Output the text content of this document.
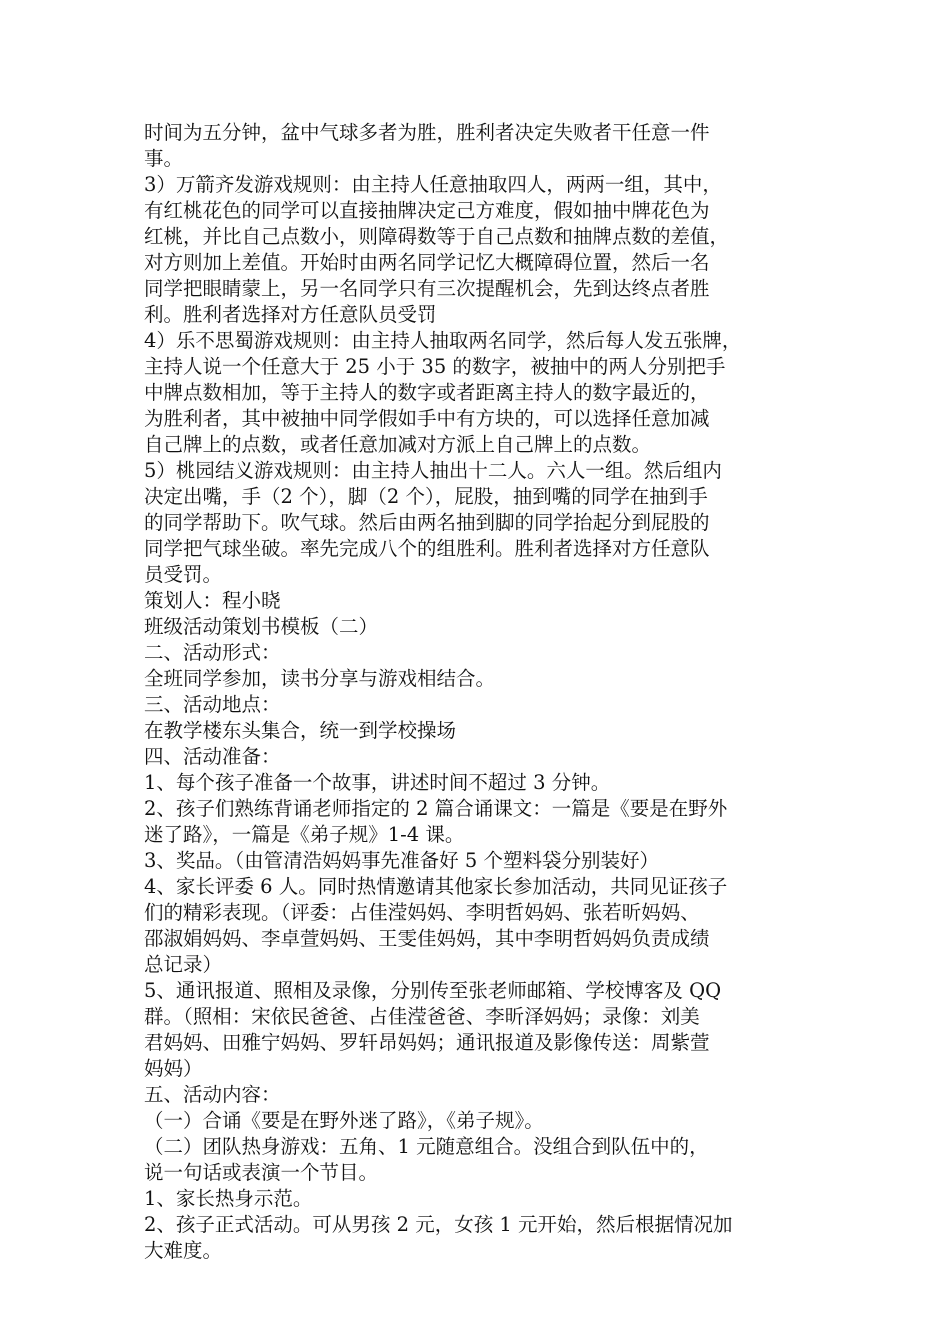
时间为五分钟，盆中气球多者为胜，胜利者决定失败者干任意一件
事。
3）万箭齐发游戏规则：由主持人任意抽取四人，两两一组，其中，
有红桃花色的同学可以直接抽牌决定己方难度，假如抽中牌花色为
红桃，并比自己点数小，则障碍数等于自己点数和抽牌点数的差值，
对方则加上差值。开始时由两名同学记忆大概障碍位置，然后一名
同学把眼睛蒙上，另一名同学只有三次提醒机会，先到达终点者胜
利。胜利者选择对方任意队员受罚
4）乐不思蜀游戏规则：由主持人抽取两名同学，然后每人发五张牌，
主持人说一个任意大于 25 小于 35 的数字，被抽中的两人分别把手
中牌点数相加，等于主持人的数字或者距离主持人的数字最近的，
为胜利者，其中被抽中同学假如手中有方块的，可以选择任意加减
自己牌上的点数，或者任意加减对方派上自己牌上的点数。
5）桃园结义游戏规则：由主持人抽出十二人。六人一组。然后组内
决定出嘴，手（2 个），脚（2 个），屁股，抽到嘴的同学在抽到手
的同学帮助下。吹气球。然后由两名抽到脚的同学抬起分到屁股的
同学把气球坐破。率先完成八个的组胜利。胜利者选择对方任意队
员受罚。
策划人：程小晓
班级活动策划书模板（二）
二、活动形式：
全班同学参加，读书分享与游戏相结合。
三、活动地点：
在教学楼东头集合，统一到学校操场
四、活动准备：
1、每个孩子准备一个故事，讲述时间不超过 3 分钟。
2、孩子们熟练背诵老师指定的 2 篇合诵课文：一篇是《要是在野外
迷了路》，一篇是《弟子规》1-4 课。
3、奖品。（由管清浩妈妈事先准备好 5 个塑料袋分别装好）
4、家长评委 6 人。同时热情邀请其他家长参加活动，共同见证孩子
们的精彩表现。（评委：占佳滢妈妈、李明哲妈妈、张若昕妈妈、
邵淑娟妈妈、李卓萱妈妈、王雯佳妈妈，其中李明哲妈妈负责成绩
总记录）
5、通讯报道、照相及录像，分别传至张老师邮箱、学校博客及 QQ
群。（照相：宋依民爸爸、占佳滢爸爸、李昕泽妈妈；录像：刘美
君妈妈、田雅宁妈妈、罗轩昂妈妈；通讯报道及影像传送：周紫萱
妈妈）
五、活动内容：
（一）合诵《要是在野外迷了路》，《弟子规》。
（二）团队热身游戏：五角、1 元随意组合。没组合到队伍中的，
说一句话或表演一个节目。
1、家长热身示范。
2、孩子正式活动。可从男孩 2 元，女孩 1 元开始，然后根据情况加
大难度。
